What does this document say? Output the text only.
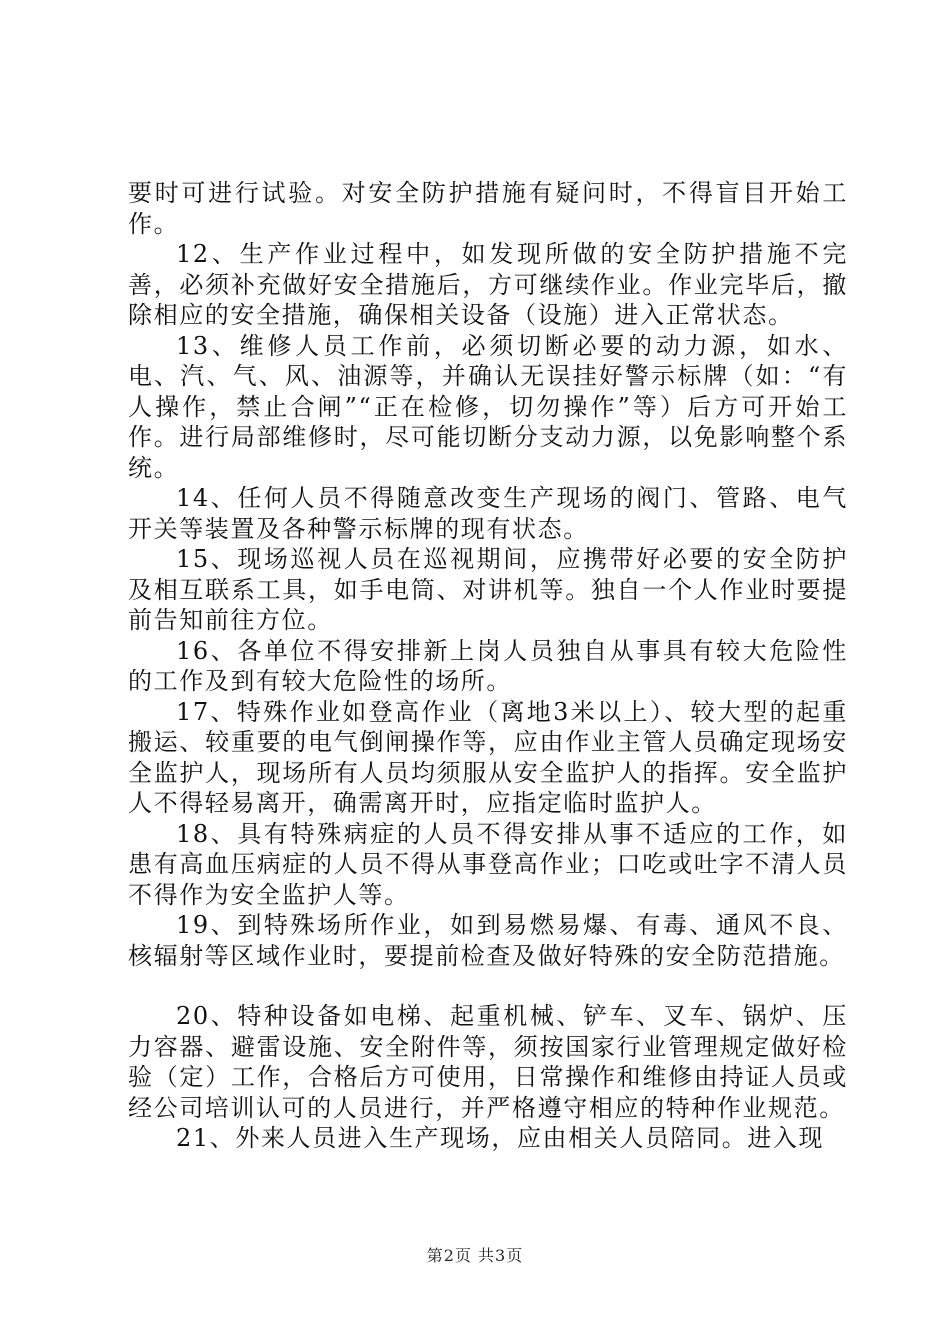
要时可进行试验。对安全防护措施有疑问时，不得盲目开始工作。

12、生产作业过程中，如发现所做的安全防护措施不完善，必须补充做好安全措施后，方可继续作业。作业完毕后，撤除相应的安全措施，确保相关设备（设施）进入正常状态。

13、维修人员工作前，必须切断必要的动力源，如水、电、汽、气、风、油源等，并确认无误挂好警示标牌（如：“有人操作，禁止合闸”“正在检修，切勿操作”等）后方可开始工作。进行局部维修时，尽可能切断分支动力源，以免影响整个系统。

14、任何人员不得随意改变生产现场的阀门、管路、电气开关等装置及各种警示标牌的现有状态。

15、现场巡视人员在巡视期间，应携带好必要的安全防护及相互联系工具，如手电筒、对讲机等。独自一个人作业时要提前告知前往方位。

16、各单位不得安排新上岗人员独自从事具有较大危险性的工作及到有较大危险性的场所。

17、特殊作业如登高作业（离地3米以上）、较大型的起重搬运、较重要的电气倒闸操作等，应由作业主管人员确定现场安全监护人，现场所有人员均须服从安全监护人的指挥。安全监护人不得轻易离开，确需离开时，应指定临时监护人。

18、具有特殊病症的人员不得安排从事不适应的工作，如患有高血压病症的人员不得从事登高作业；口吃或吐字不清人员不得作为安全监护人等。

19、到特殊场所作业，如到易燃易爆、有毒、通风不良、核辐射等区域作业时，要提前检查及做好特殊的安全防范措施。

20、特种设备如电梯、起重机械、铲车、叉车、锅炉、压力容器、避雷设施、安全附件等，须按国家行业管理规定做好检验（定）工作，合格后方可使用，日常操作和维修由持证人员或经公司培训认可的人员进行，并严格遵守相应的特种作业规范。

21、外来人员进入生产现场，应由相关人员陪同。进入现

第2页 共3页
